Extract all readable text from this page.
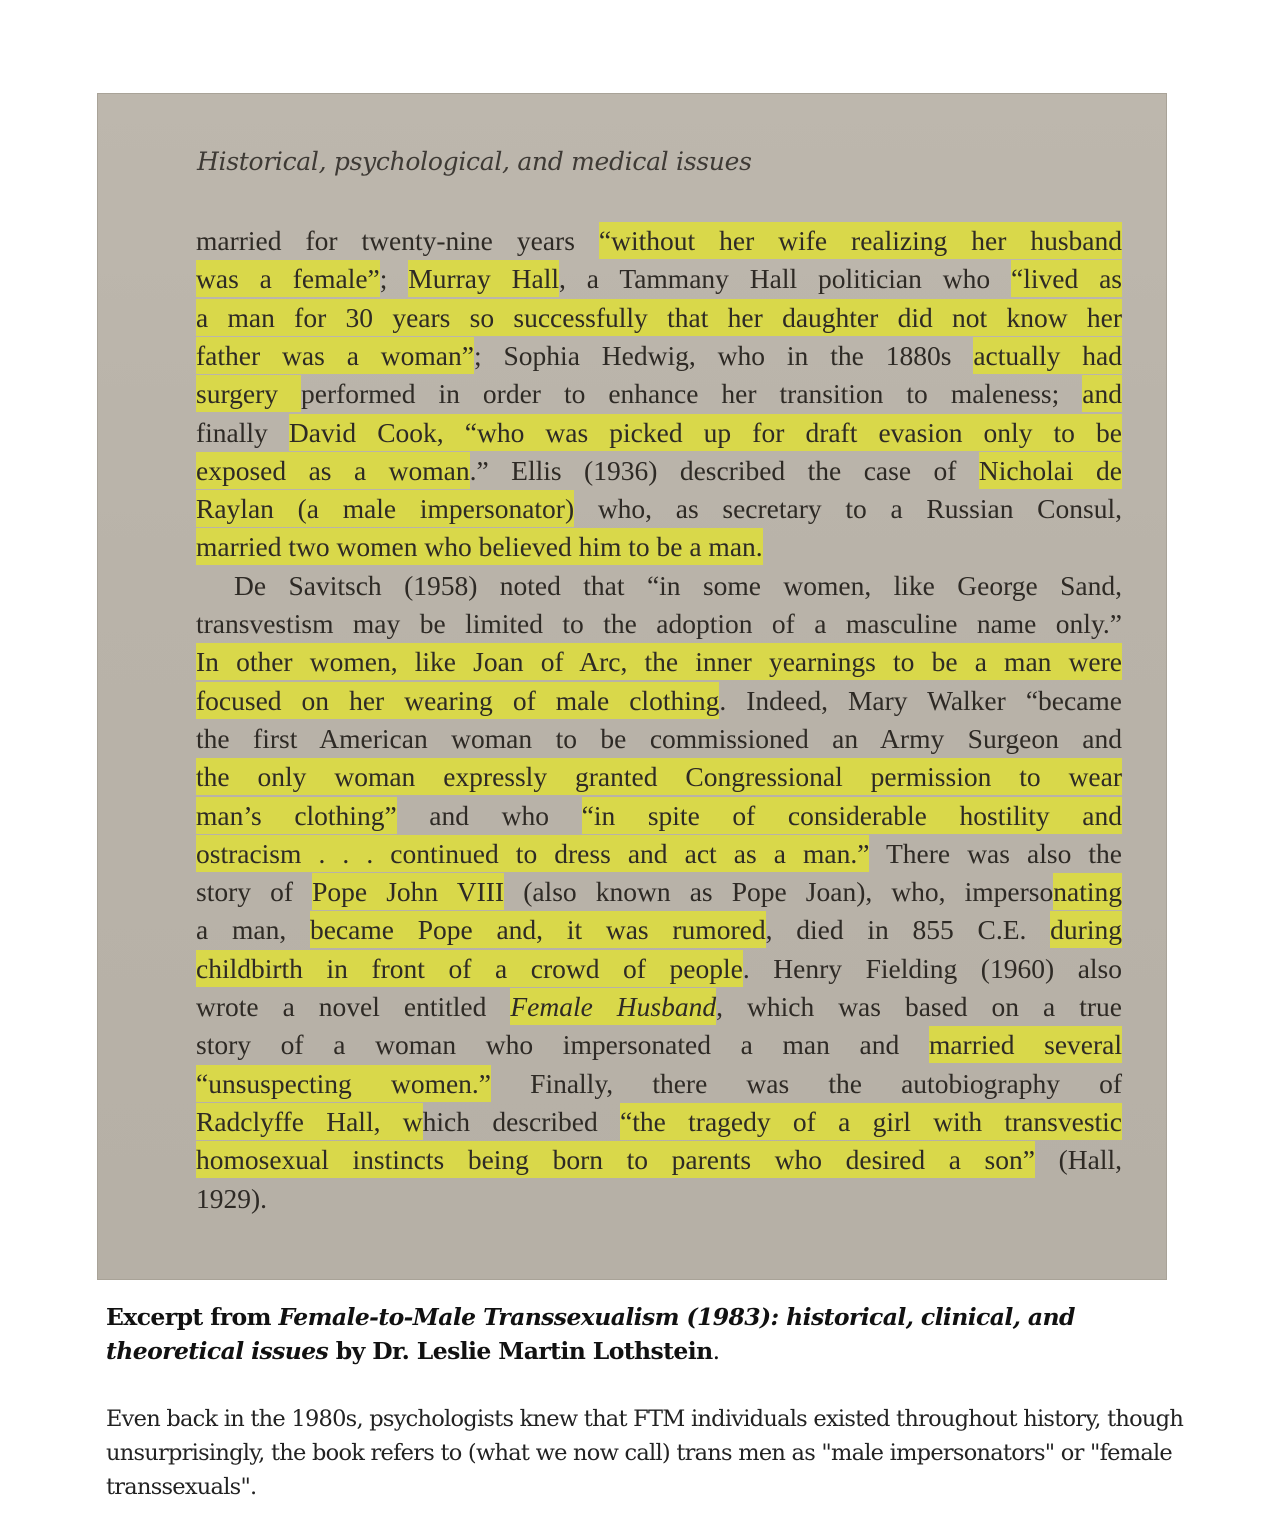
Historical, psychological, and medical issues
married for twenty-nine years “without her wife realizing her husband
was a female”; Murray Hall, a Tammany Hall politician who “lived as
a man for 30 years so successfully that her daughter did not know her
father was a woman”; Sophia Hedwig, who in the 1880s actually had
surgery performed in order to enhance her transition to maleness; and
finally David Cook, “who was picked up for draft evasion only to be
exposed as a woman.” Ellis (1936) described the case of Nicholai de
Raylan (a male impersonator) who, as secretary to a Russian Consul,
married two women who believed him to be a man.
De Savitsch (1958) noted that “in some women, like George Sand,
transvestism may be limited to the adoption of a masculine name only.”
In other women, like Joan of Arc, the inner yearnings to be a man were
focused on her wearing of male clothing. Indeed, Mary Walker “became
the first American woman to be commissioned an Army Surgeon and
the only woman expressly granted Congressional permission to wear
man’s clothing” and who “in spite of considerable hostility and
ostracism . . . continued to dress and act as a man.” There was also the
story of Pope John VIII (also known as Pope Joan), who, impersonating
a man, became Pope and, it was rumored, died in 855 C.E. during
childbirth in front of a crowd of people. Henry Fielding (1960) also
wrote a novel entitled Female Husband, which was based on a true
story of a woman who impersonated a man and married several
“unsuspecting women.” Finally, there was the autobiography of
Radclyffe Hall, which described “the tragedy of a girl with transvestic
homosexual instincts being born to parents who desired a son” (Hall,
1929).
Excerpt from Female-to-Male Transsexualism (1983): historical, clinical, and theoretical issues by Dr. Leslie Martin Lothstein.
Even back in the 1980s, psychologists knew that FTM individuals existed throughout history, though unsurprisingly, the book refers to (what we now call) trans men as "male impersonators" or "female transsexuals".
